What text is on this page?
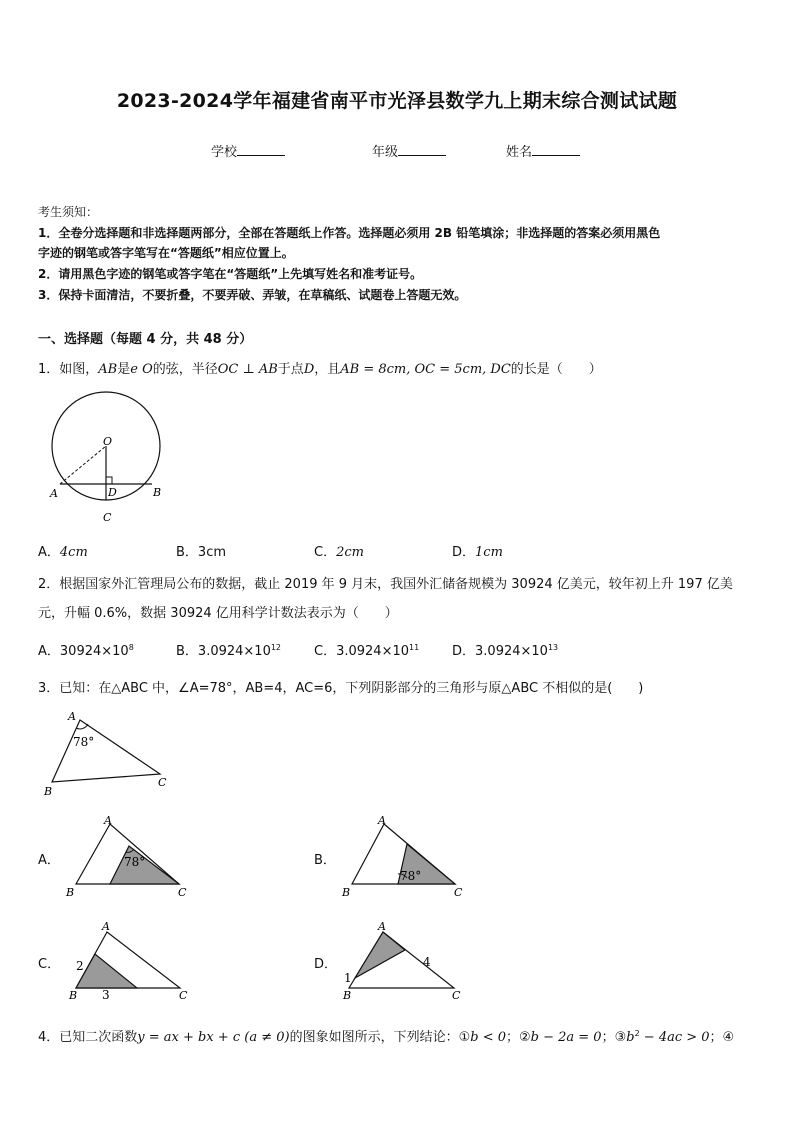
2023-2024学年福建省南平市光泽县数学九上期末综合测试试题
学校	年级	姓名
考生须知：
1．全卷分选择题和非选择题两部分，全部在答题纸上作答。选择题必须用 2B 铅笔填涂；非选择题的答案必须用黑色
字迹的钢笔或答字笔写在“答题纸”相应位置上。
2．请用黑色字迹的钢笔或答字笔在“答题纸”上先填写姓名和准考证号。
3．保持卡面清洁，不要折叠，不要弄破、弄皱，在草稿纸、试题卷上答题无效。
一、选择题（每题 4 分，共 48 分）
1．如图，AB是e O的弦，半径OC ⊥ AB于点D，且AB = 8cm, OC = 5cm, DC的长是（　　）
O
A	B
D
C
A．4cm	B．3cm	C．2cm	D．1cm
2．根据国家外汇管理局公布的数据，截止 2019 年 9 月末，我国外汇储备规模为 30924 亿美元，较年初上升 197 亿美
元，升幅 0.6%，数据 30924 亿用科学计数法表示为（　　）
A．$30924\times 10^8$	B．$3.0924\times 10^{12}$	C．$3.0924\times 10^{11}$	D．$3.0924\times 10^{13}$
3．已知：在△ABC 中，∠A=78°，AB=4，AC=6，下列阴影部分的三角形与原△ABC 不相似的是(　　)
78°
A
B
C
A．	78°
A
B	C
B．
78°
A
B	C
C． 2
3
A
B	C
D．
1
4
A
B	C
4．已知二次函数y = ax + bx + c (a ≠ 0)的图象如图所示，下列结论：①b < 0；②b − 2a = 0；$③b^2 - 4ac > 0$；④
